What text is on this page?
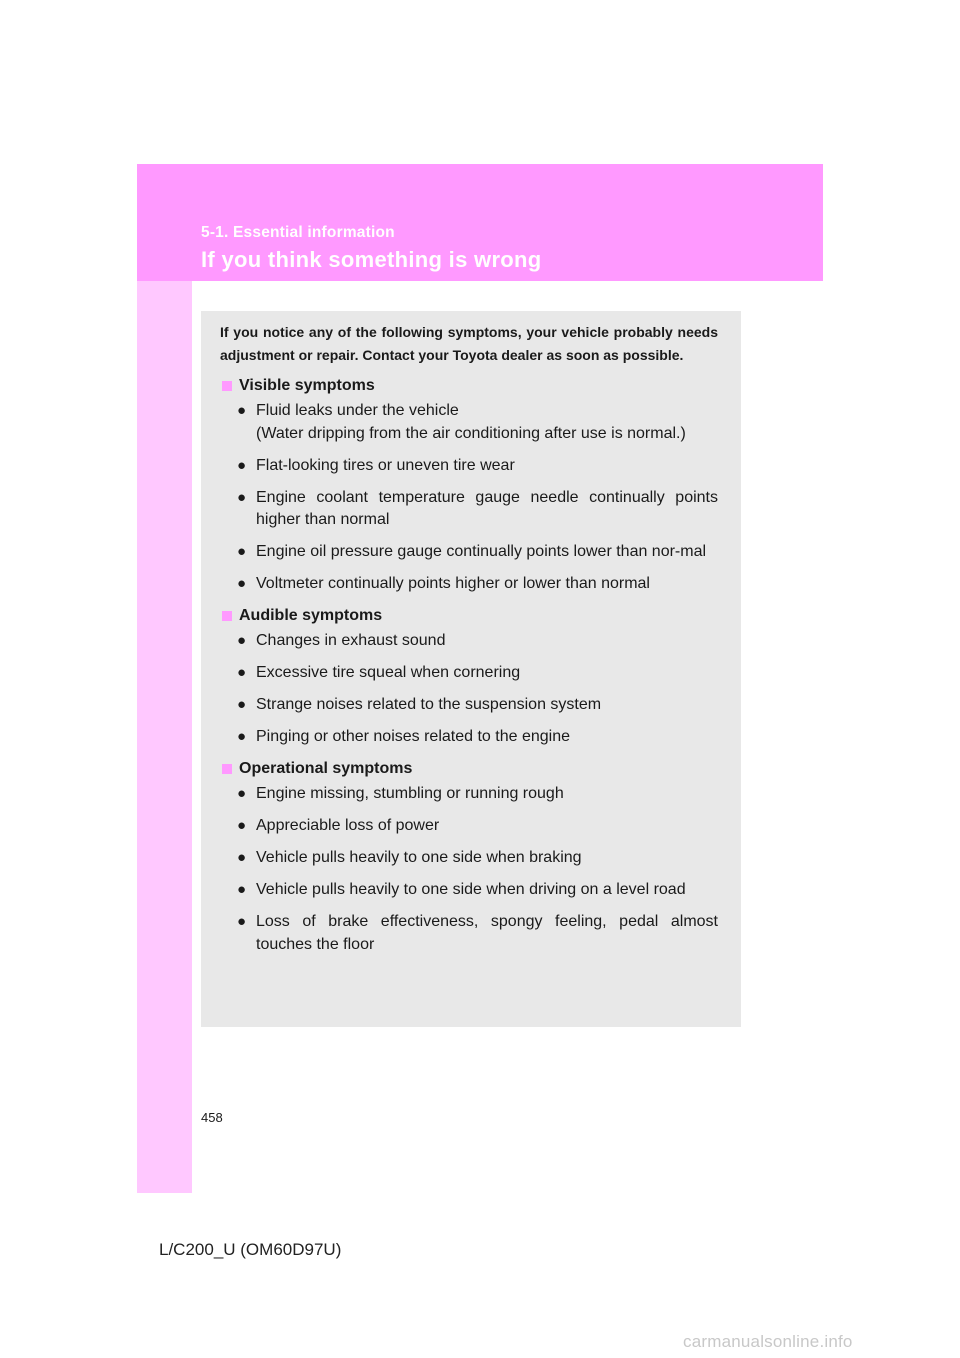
5-1. Essential information
If you think something is wrong

If you notice any of the following symptoms, your vehicle probably needs adjustment or repair. Contact your Toyota dealer as soon as possible.

Visible symptoms
● Fluid leaks under the vehicle
(Water dripping from the air conditioning after use is normal.)
● Flat-looking tires or uneven tire wear
● Engine coolant temperature gauge needle continually points higher than normal
● Engine oil pressure gauge continually points lower than nor-mal
● Voltmeter continually points higher or lower than normal
Audible symptoms
● Changes in exhaust sound
● Excessive tire squeal when cornering
● Strange noises related to the suspension system
● Pinging or other noises related to the engine
Operational symptoms
● Engine missing, stumbling or running rough
● Appreciable loss of power
● Vehicle pulls heavily to one side when braking
● Vehicle pulls heavily to one side when driving on a level road
● Loss of brake effectiveness, spongy feeling, pedal almost touches the floor
458
L/C200_U (OM60D97U)
carmanualsonline.info
